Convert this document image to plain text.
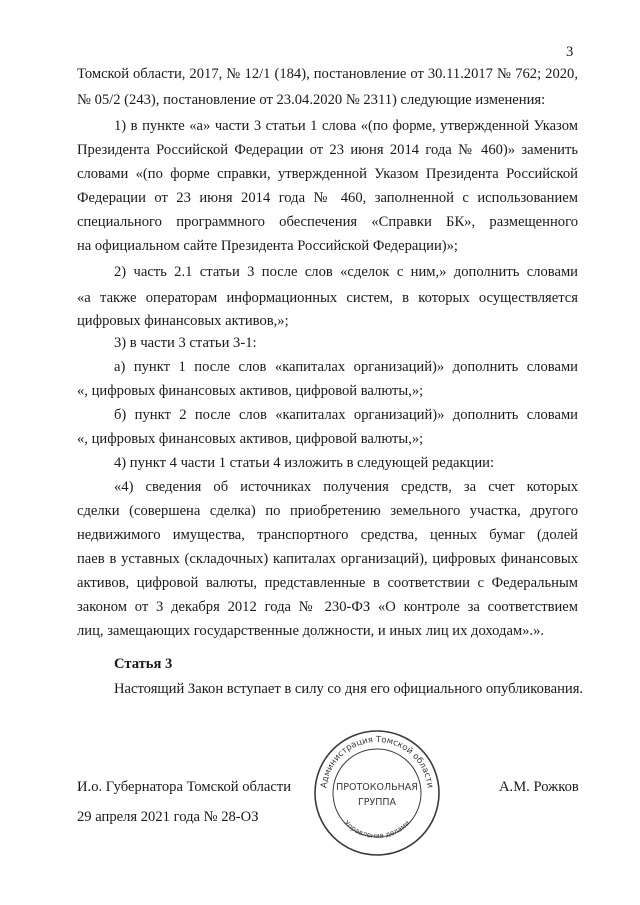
3
Томской области, 2017, № 12/1 (184), постановление от 30.11.2017 № 762; 2020,
№ 05/2 (243), постановление от 23.04.2020 № 2311) следующие изменения:
1) в пункте «а» части 3 статьи 1 слова «(по форме, утвержденной Указом
Президента Российской Федерации от 23 июня 2014 года № 460)» заменить
словами «(по форме справки, утвержденной Указом Президента Российской
Федерации от 23 июня 2014 года № 460, заполненной с использованием
специального программного обеспечения «Справки БК», размещенного
на официальном сайте Президента Российской Федерации)»;
2) часть 2.1 статьи 3 после слов «сделок с ним,» дополнить словами
«а также операторам информационных систем, в которых осуществляется
цифровых финансовых активов,»;
3) в части 3 статьи 3-1:
а) пункт 1 после слов «капиталах организаций)» дополнить словами
«, цифровых финансовых активов, цифровой валюты,»;
б) пункт 2 после слов «капиталах организаций)» дополнить словами
«, цифровых финансовых активов, цифровой валюты,»;
4) пункт 4 части 1 статьи 4 изложить в следующей редакции:
«4) сведения об источниках получения средств, за счет которых
сделки (совершена сделка) по приобретению земельного участка, другого
недвижимого имущества, транспортного средства, ценных бумаг (долей
паев в уставных (складочных) капиталах организаций), цифровых финансовых
активов, цифровой валюты, представленные в соответствии с Федеральным
законом от 3 декабря 2012 года № 230-ФЗ «О контроле за соответствием
лиц, замещающих государственные должности, и иных лиц их доходам».».
Статья 3
Настоящий Закон вступает в силу со дня его официального опубликования.
И.о. Губернатора Томской области	А.М. Рожков
29 апреля 2021 года № 28-ОЗ
Администрация Томской области
Управление делами
ПРОТОКОЛЬНАЯ
ГРУППА
